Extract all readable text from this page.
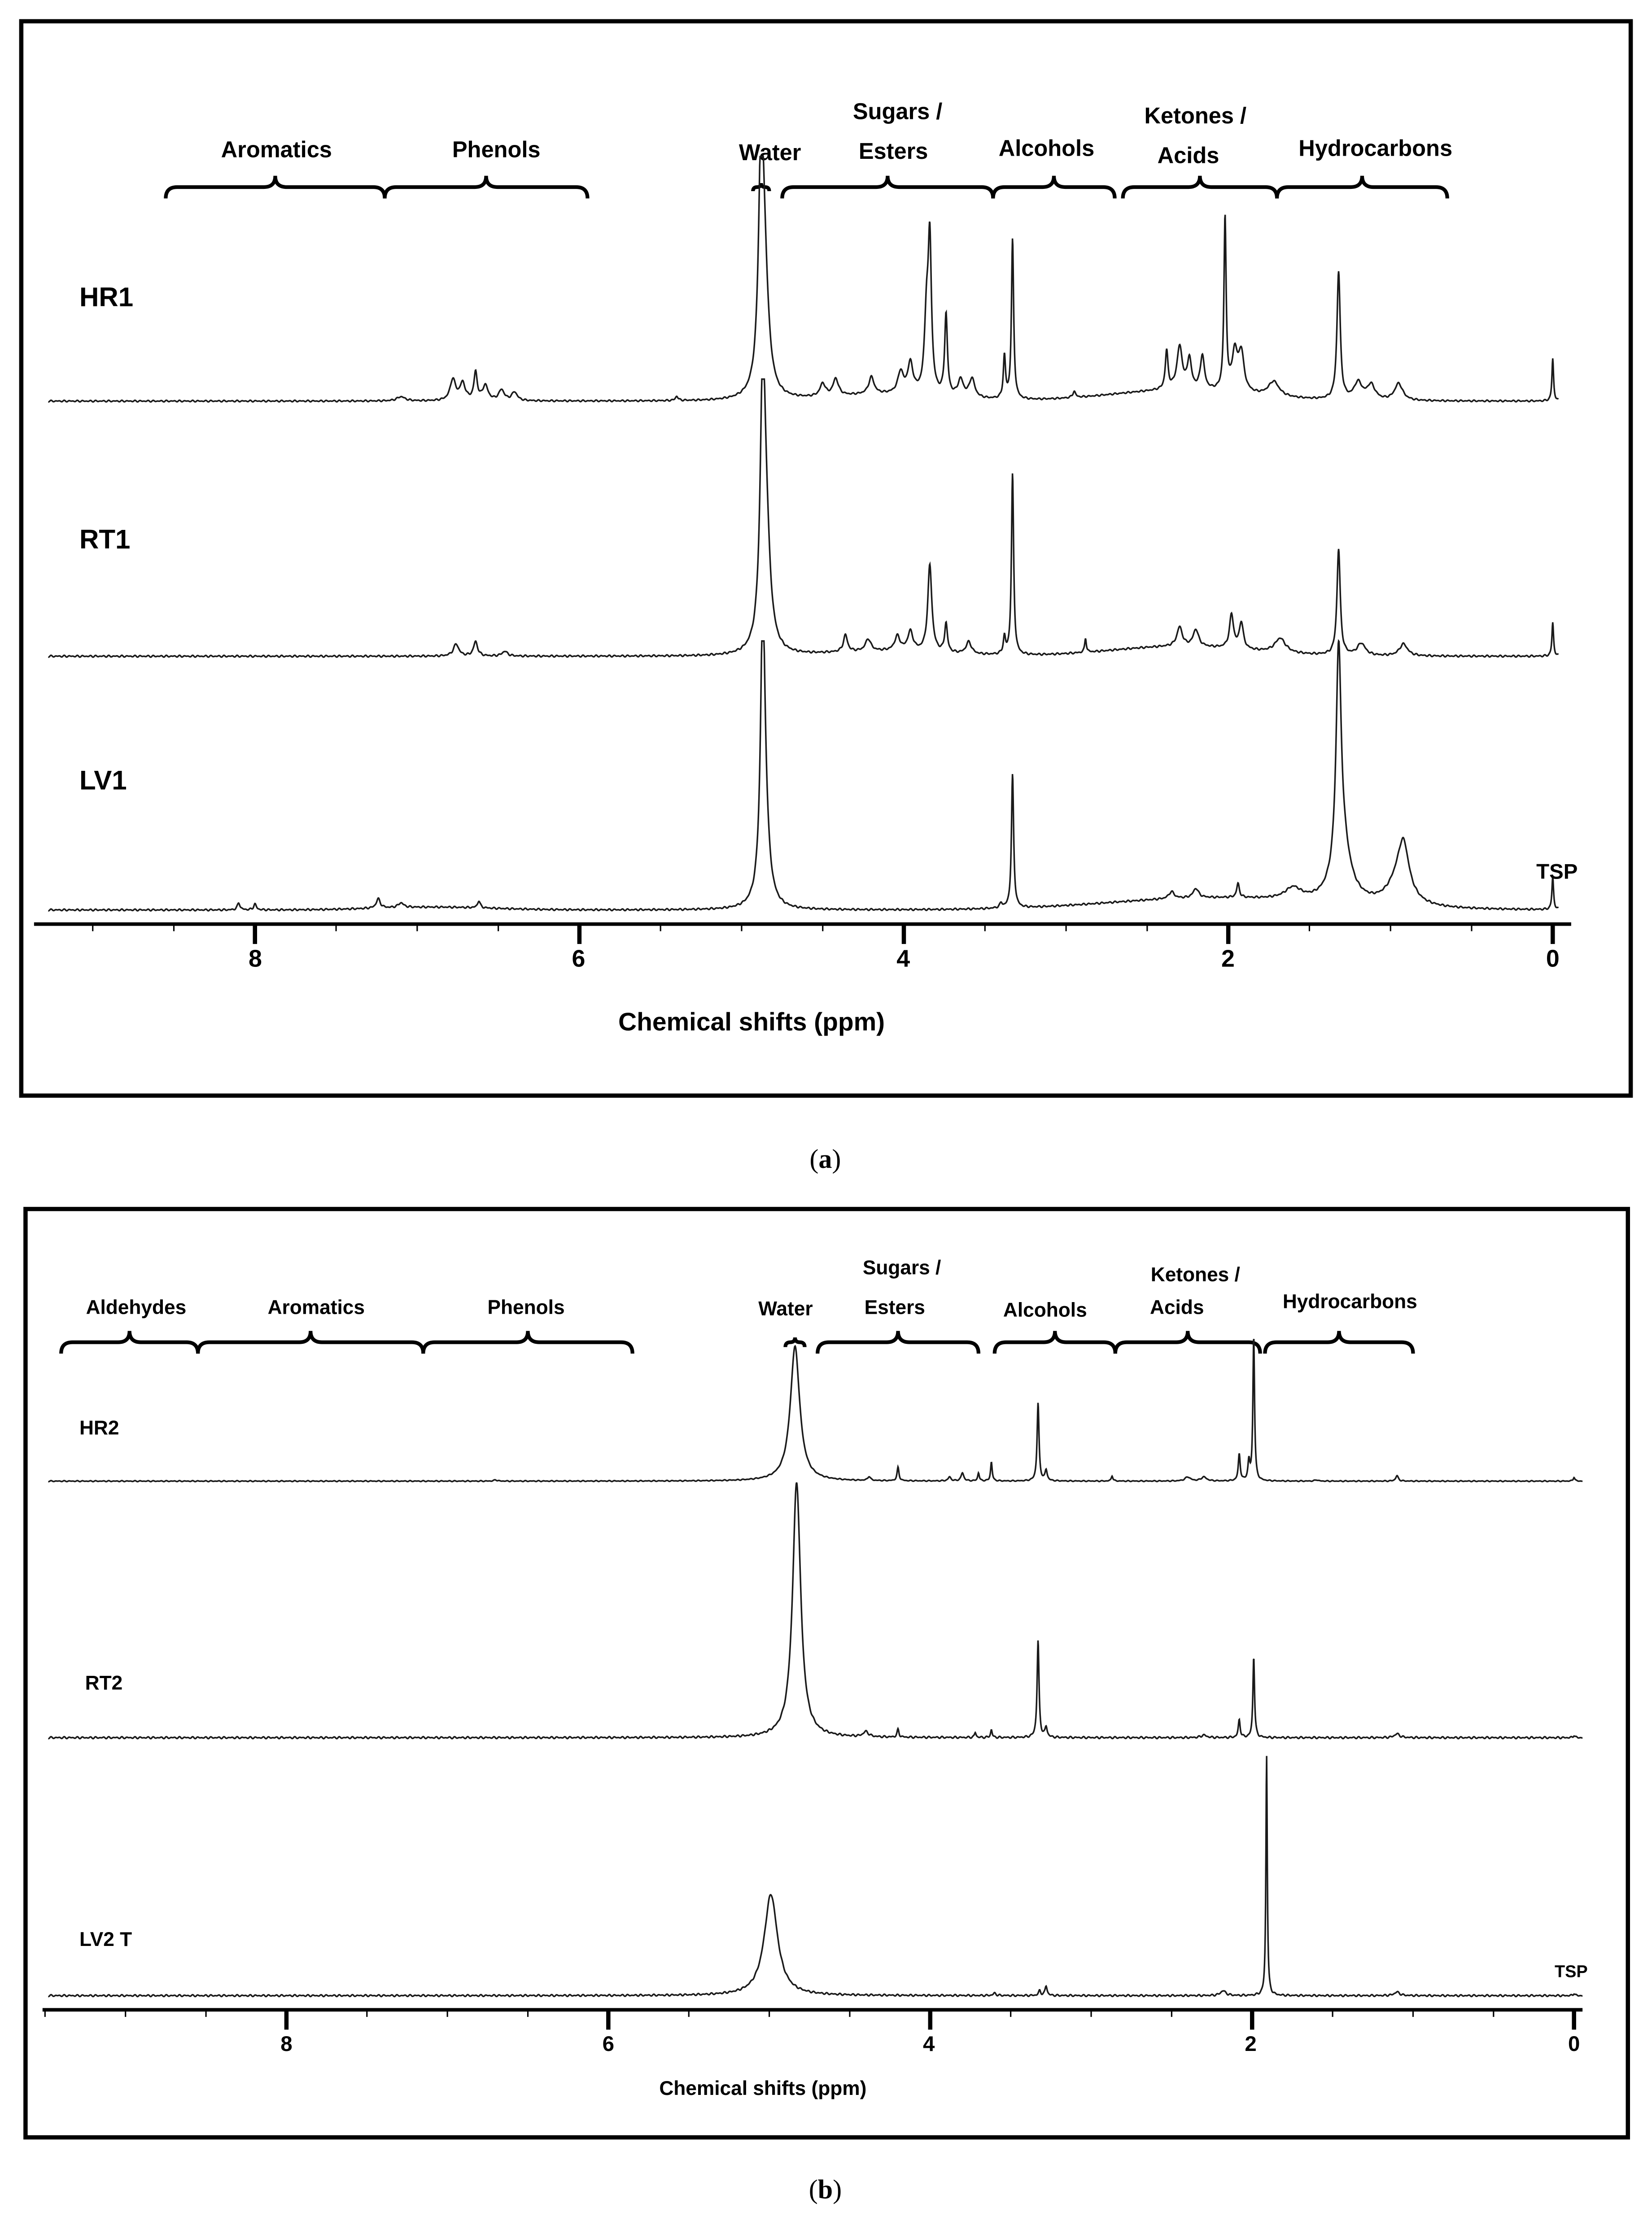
Aromatics	Phenols	Water
Sugars /
Esters	Alcohols
Ketones /
Acids	Hydrocarbons
HR1
RT1
LV1
TSP
8	6	4	2	0
Chemical shifts (ppm)
(a)
Aldehydes	Aromatics	Phenols	Water
Sugars /
Esters	Alcohols
Ketones /
Acids	Hydrocarbons
HR2
RT2
LV2 T
TSP
8	6	4	2	0
Chemical shifts (ppm)
(b)
